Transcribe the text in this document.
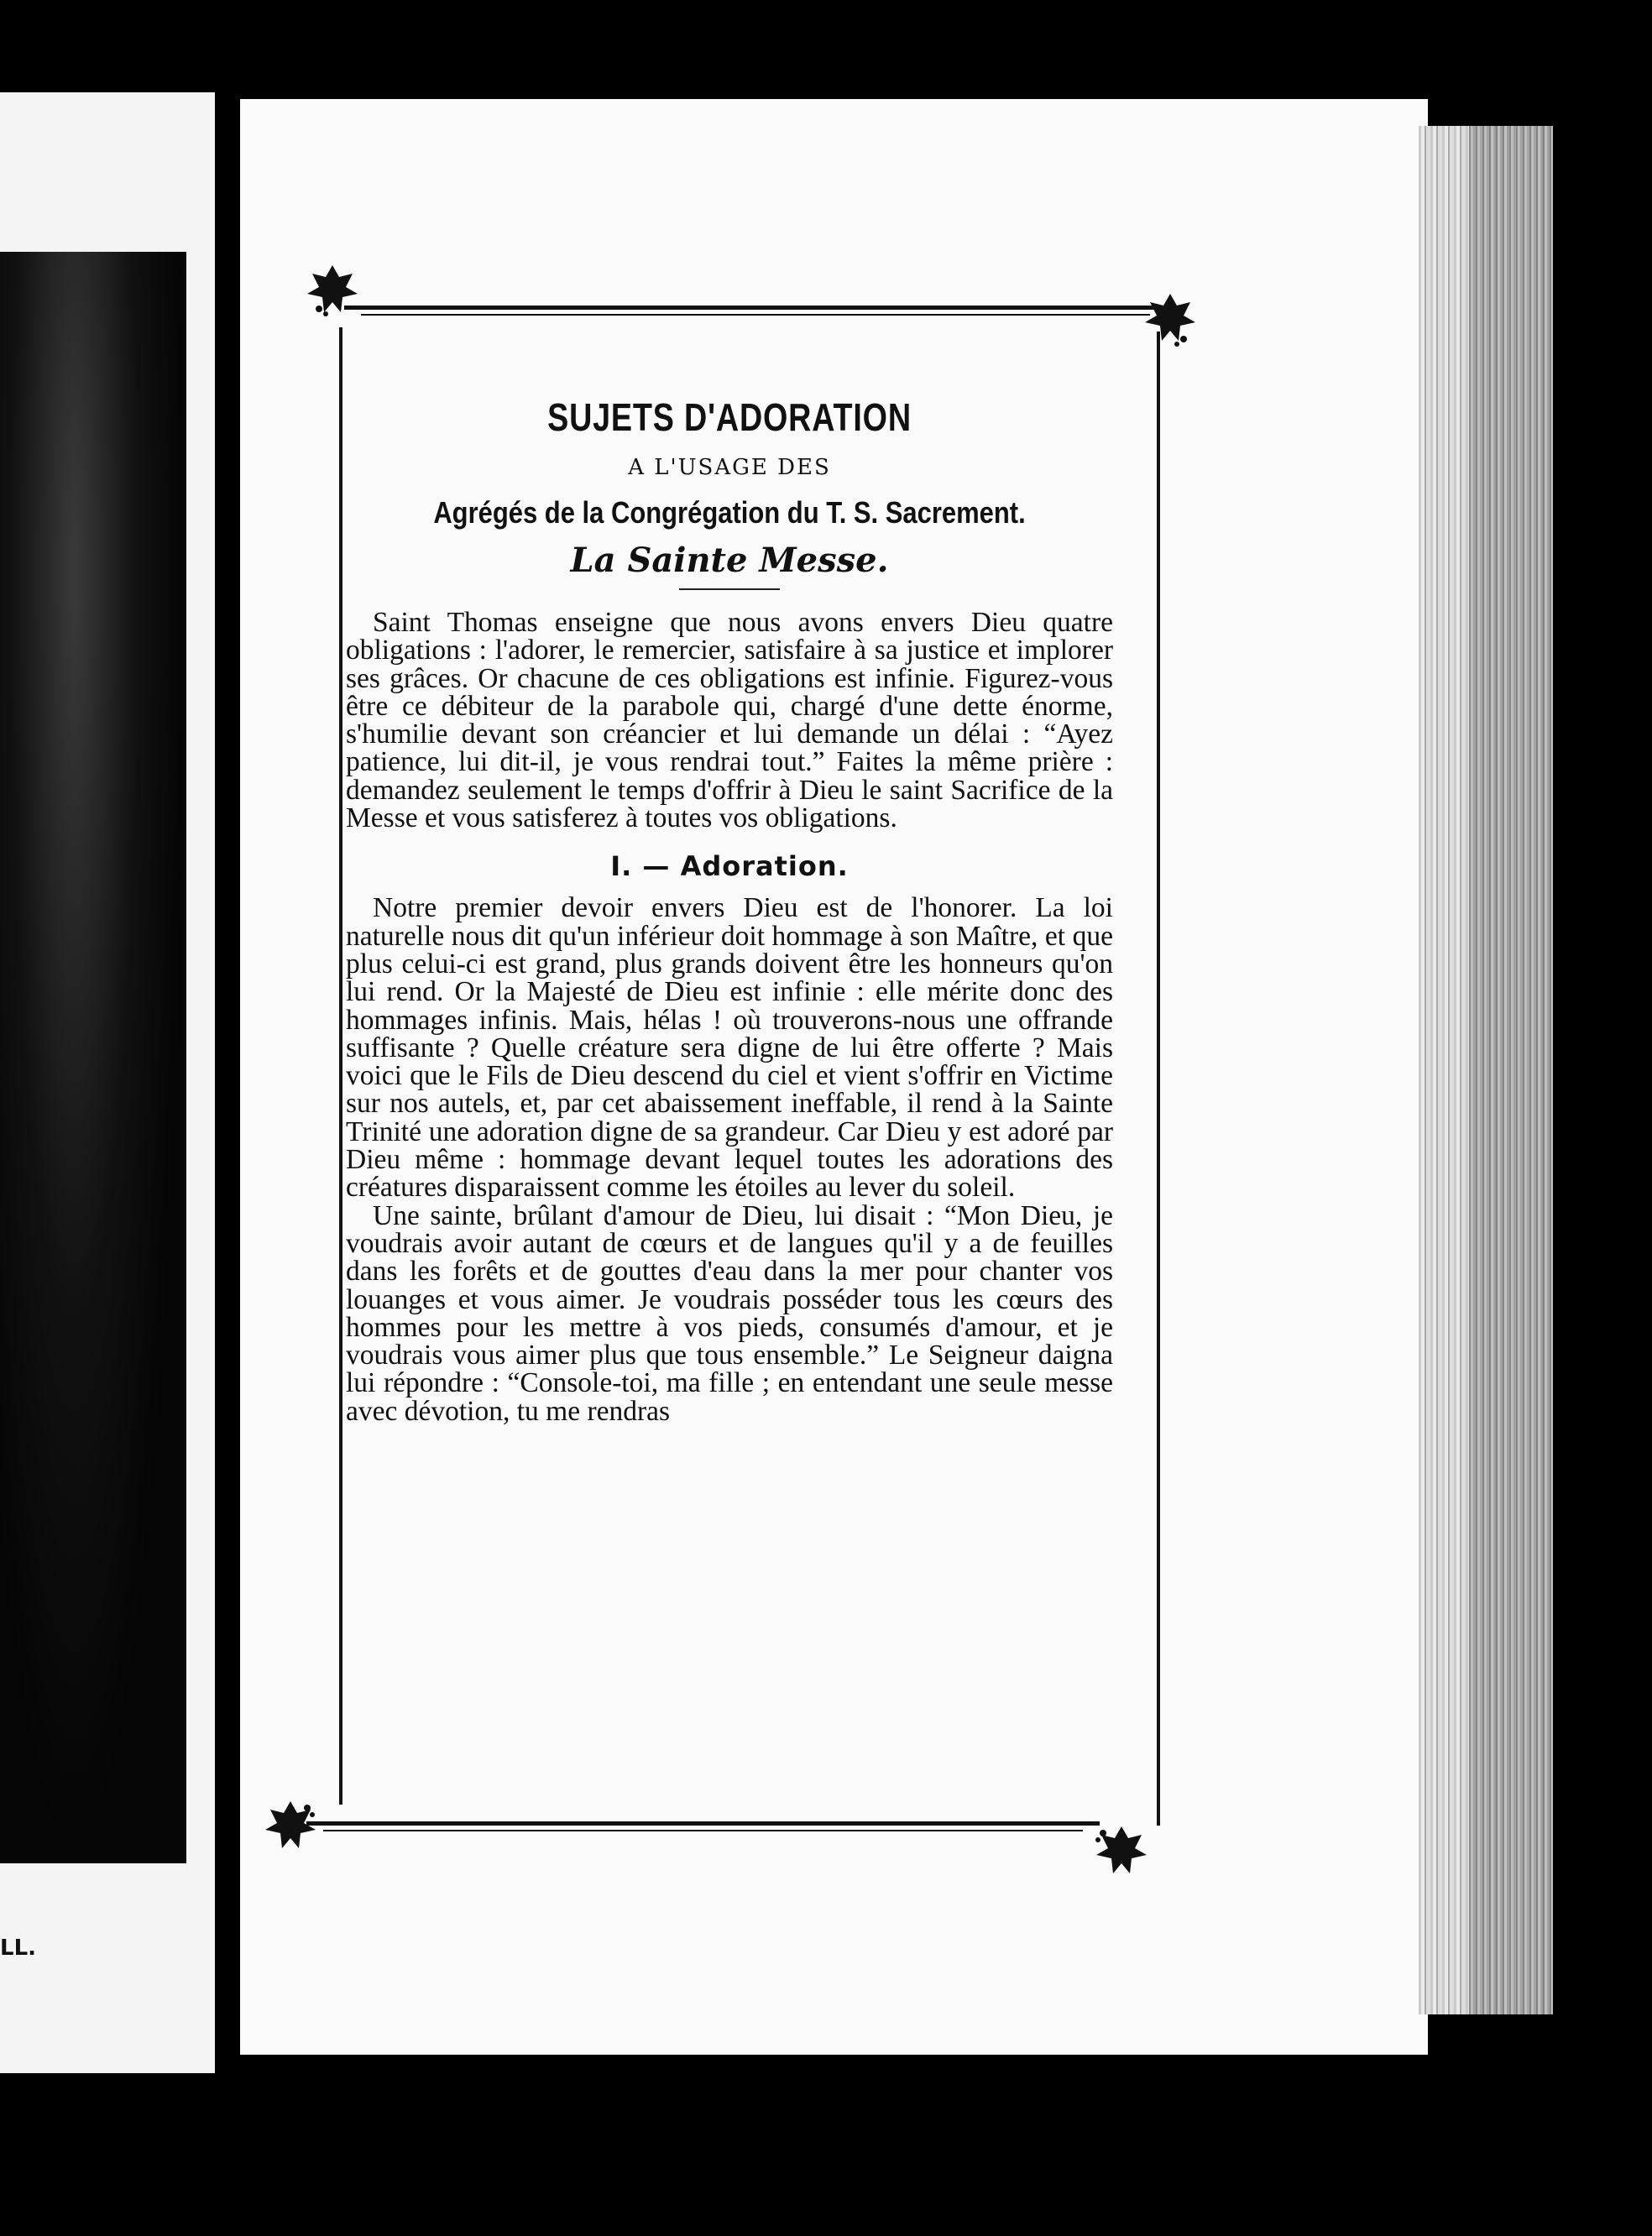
LL.
SUJETS D'ADORATION
A L'USAGE DES
Agrégés de la Congrégation du T. S. Sacrement.
La Sainte Messe.

Saint Thomas enseigne que nous avons envers Dieu quatre obligations : l'adorer, le remercier, satisfaire à sa justice et implorer ses grâces. Or chacune de ces obligations est infinie. Figurez-vous être ce débiteur de la parabole qui, chargé d'une dette énorme, s'humilie devant son créancier et lui demande un délai : “Ayez patience, lui dit-il, je vous rendrai tout.” Faites la même prière : demandez seulement le temps d'offrir à Dieu le saint Sacrifice de la Messe et vous satisferez à toutes vos obligations.

I. — Adoration.

Notre premier devoir envers Dieu est de l'honorer. La loi naturelle nous dit qu'un inférieur doit hommage à son Maître, et que plus celui-ci est grand, plus grands doivent être les honneurs qu'on lui rend. Or la Majesté de Dieu est infinie : elle mérite donc des hommages infinis. Mais, hélas ! où trouverons-nous une offrande suffisante ? Quelle créature sera digne de lui être offerte ? Mais voici que le Fils de Dieu descend du ciel et vient s'offrir en Victime sur nos autels, et, par cet abaissement ineffable, il rend à la Sainte Trinité une adoration digne de sa grandeur. Car Dieu y est adoré par Dieu même : hommage devant lequel toutes les adorations des créatures disparaissent comme les étoiles au lever du soleil.

Une sainte, brûlant d'amour de Dieu, lui disait : “Mon Dieu, je voudrais avoir autant de cœurs et de langues qu'il y a de feuilles dans les forêts et de gouttes d'eau dans la mer pour chanter vos louanges et vous aimer. Je voudrais posséder tous les cœurs des hommes pour les mettre à vos pieds, consumés d'amour, et je voudrais vous aimer plus que tous ensemble.” Le Seigneur daigna lui répondre : “Console-toi, ma fille ; en entendant une seule messe avec dévotion, tu me rendras
